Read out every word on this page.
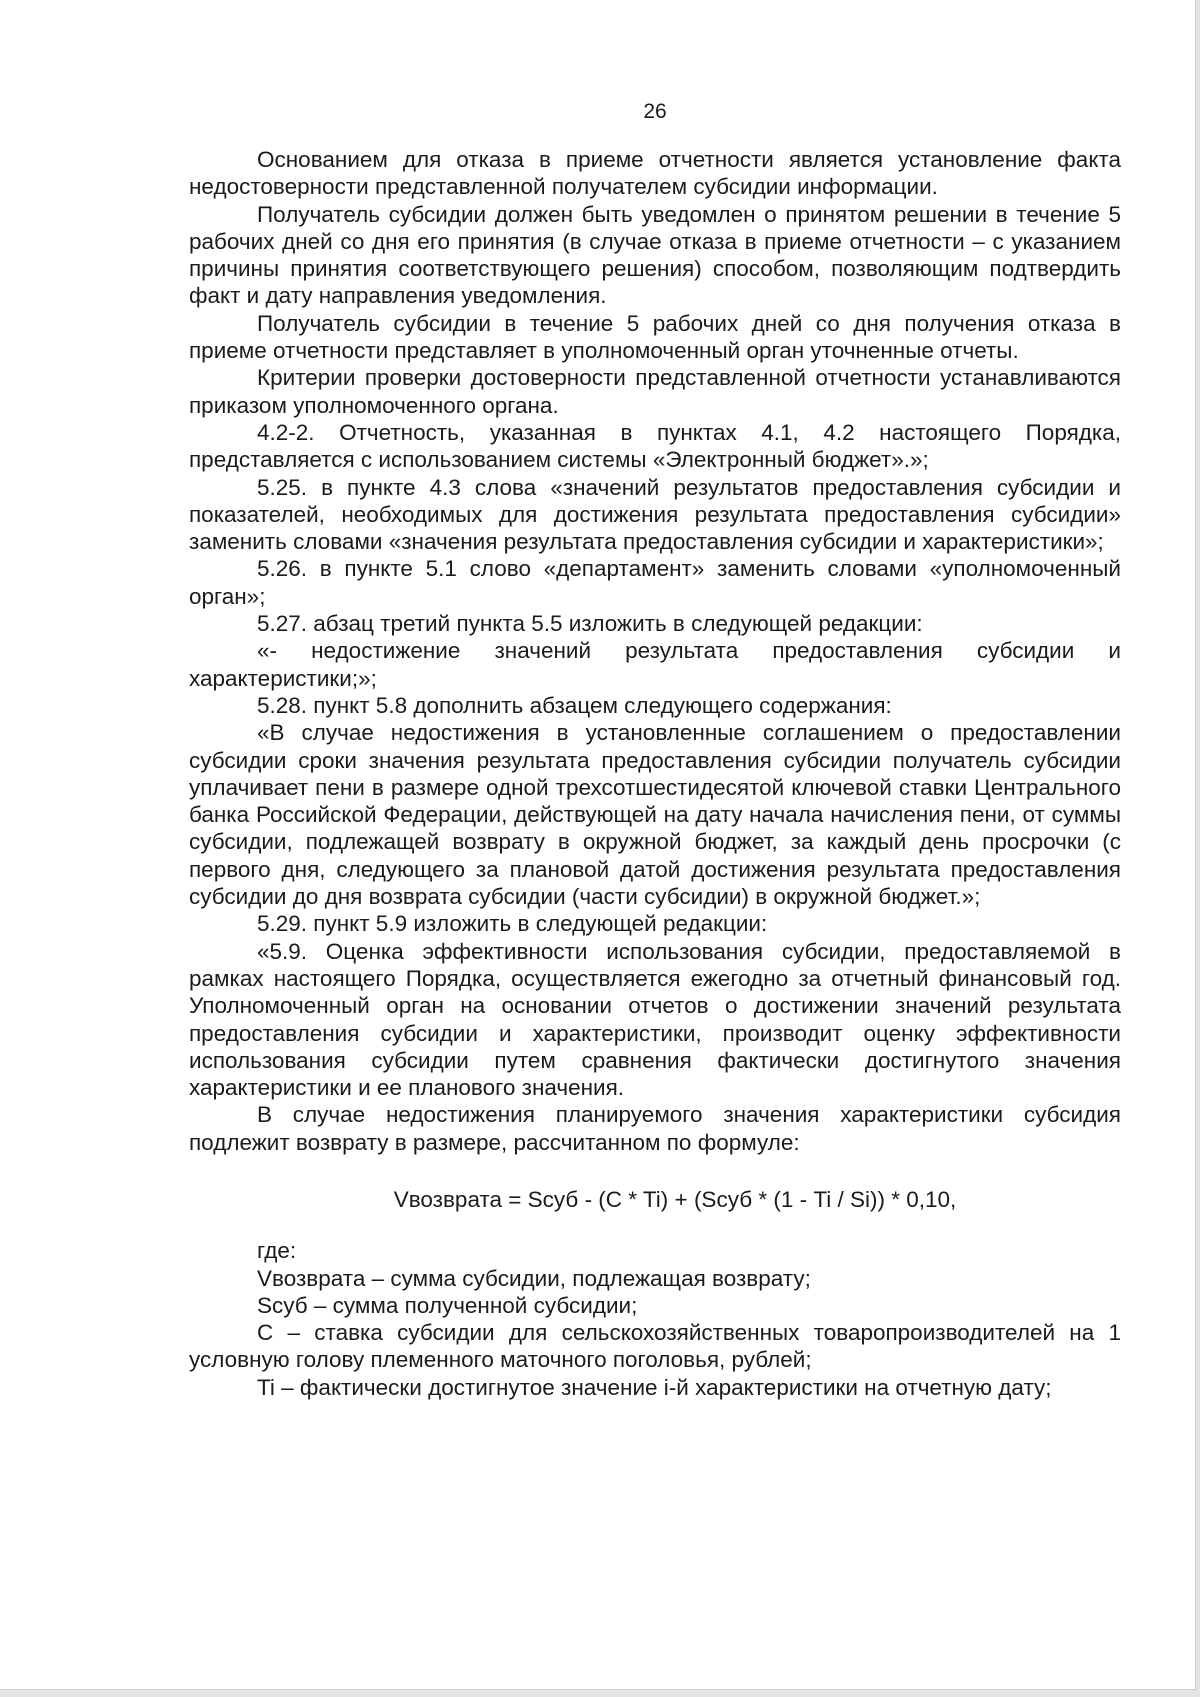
26

Основанием для отказа в приеме отчетности является установление факта недостоверности представленной получателем субсидии информации.

Получатель субсидии должен быть уведомлен о принятом решении в течение 5 рабочих дней со дня его принятия (в случае отказа в приеме отчетности – с указанием причины принятия соответствующего решения) способом, позволяющим подтвердить факт и дату направления уведомления.

Получатель субсидии в течение 5 рабочих дней со дня получения отказа в приеме отчетности представляет в уполномоченный орган уточненные отчеты.

Критерии проверки достоверности представленной отчетности устанавливаются приказом уполномоченного органа.

4.2-2. Отчетность, указанная в пунктах 4.1, 4.2 настоящего Порядка, представляется с использованием системы «Электронный бюджет».»;

5.25. в пункте 4.3 слова «значений результатов предоставления субсидии и показателей, необходимых для достижения результата предоставления субсидии» заменить словами «значения результата предоставления субсидии и характеристики»;

5.26. в пункте 5.1 слово «департамент» заменить словами «уполномоченный орган»;

5.27. абзац третий пункта 5.5 изложить в следующей редакции:

«- недостижение значений результата предоставления субсидии и характеристики;»;

5.28. пункт 5.8 дополнить абзацем следующего содержания:

«В случае недостижения в установленные соглашением о предоставлении субсидии сроки значения результата предоставления субсидии получатель субсидии уплачивает пени в размере одной трехсотшестидесятой ключевой ставки Центрального банка Российской Федерации, действующей на дату начала начисления пени, от суммы субсидии, подлежащей возврату в окружной бюджет, за каждый день просрочки (с первого дня, следующего за плановой датой достижения результата предоставления субсидии до дня возврата субсидии (части субсидии) в окружной бюджет.»;

5.29. пункт 5.9 изложить в следующей редакции:

«5.9. Оценка эффективности использования субсидии, предоставляемой в рамках настоящего Порядка, осуществляется ежегодно за отчетный финансовый год. Уполномоченный орган на основании отчетов о достижении значений результата предоставления субсидии и характеристики, производит оценку эффективности использования субсидии путем сравнения фактически достигнутого значения характеристики и ее планового значения.

В случае недостижения планируемого значения характеристики субсидия подлежит возврату в размере, рассчитанном по формуле:

Vвозврата = Sсуб - (C * Ti) + (Sсуб * (1 - Ti / Si)) * 0,10,

где:

Vвозврата – сумма субсидии, подлежащая возврату;

Sсуб – сумма полученной субсидии;

C – ставка субсидии для сельскохозяйственных товаропроизводителей на 1 условную голову племенного маточного поголовья, рублей;

Ti – фактически достигнутое значение i-й характеристики на отчетную дату;
